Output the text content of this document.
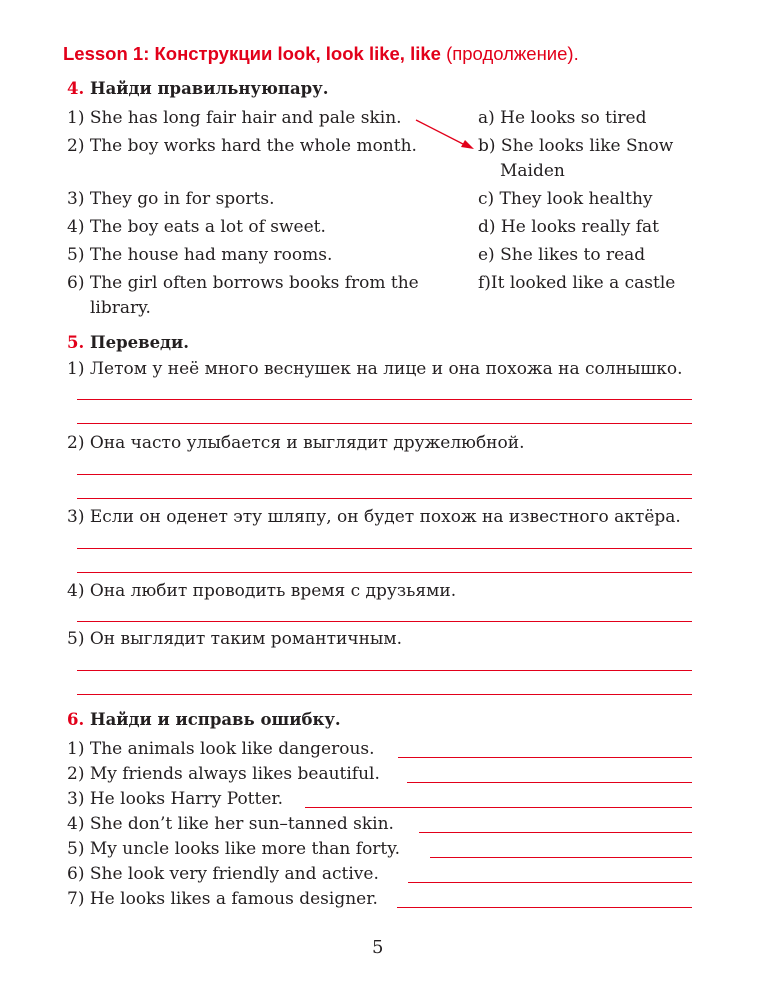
Lesson 1: Конструкции look, look like, like (продолжение).
4. Найди правильнуюпару.
1) She has long fair hair and pale skin.
2) The boy works hard the whole month.
3) They go in for sports.
4) The boy eats a lot of sweet.
5) The house had many rooms.
6) The girl often borrows books from the
library.
a) He looks so tired
b) She looks like Snow
Maiden
c) They look healthy
d) He looks really fat
e) She likes to read
f)It looked like a castle
5. Переведи.
1) Летом у неё много веснушек на лице и она похожа на солнышко.
2) Она часто улыбается и выглядит дружелюбной.
3) Если он оденет эту шляпу, он будет похож на известного актёра.
4) Она любит проводить время с друзьями.
5) Он выглядит таким романтичным.
6. Найди и исправь ошибку.
1) The animals look like dangerous.
2) My friends always likes beautiful.
3) He looks Harry Potter.
4) She don’t like her sun–tanned skin.
5) My uncle looks like more than forty.
6) She look very friendly and active.
7) He looks likes a famous designer.
5
